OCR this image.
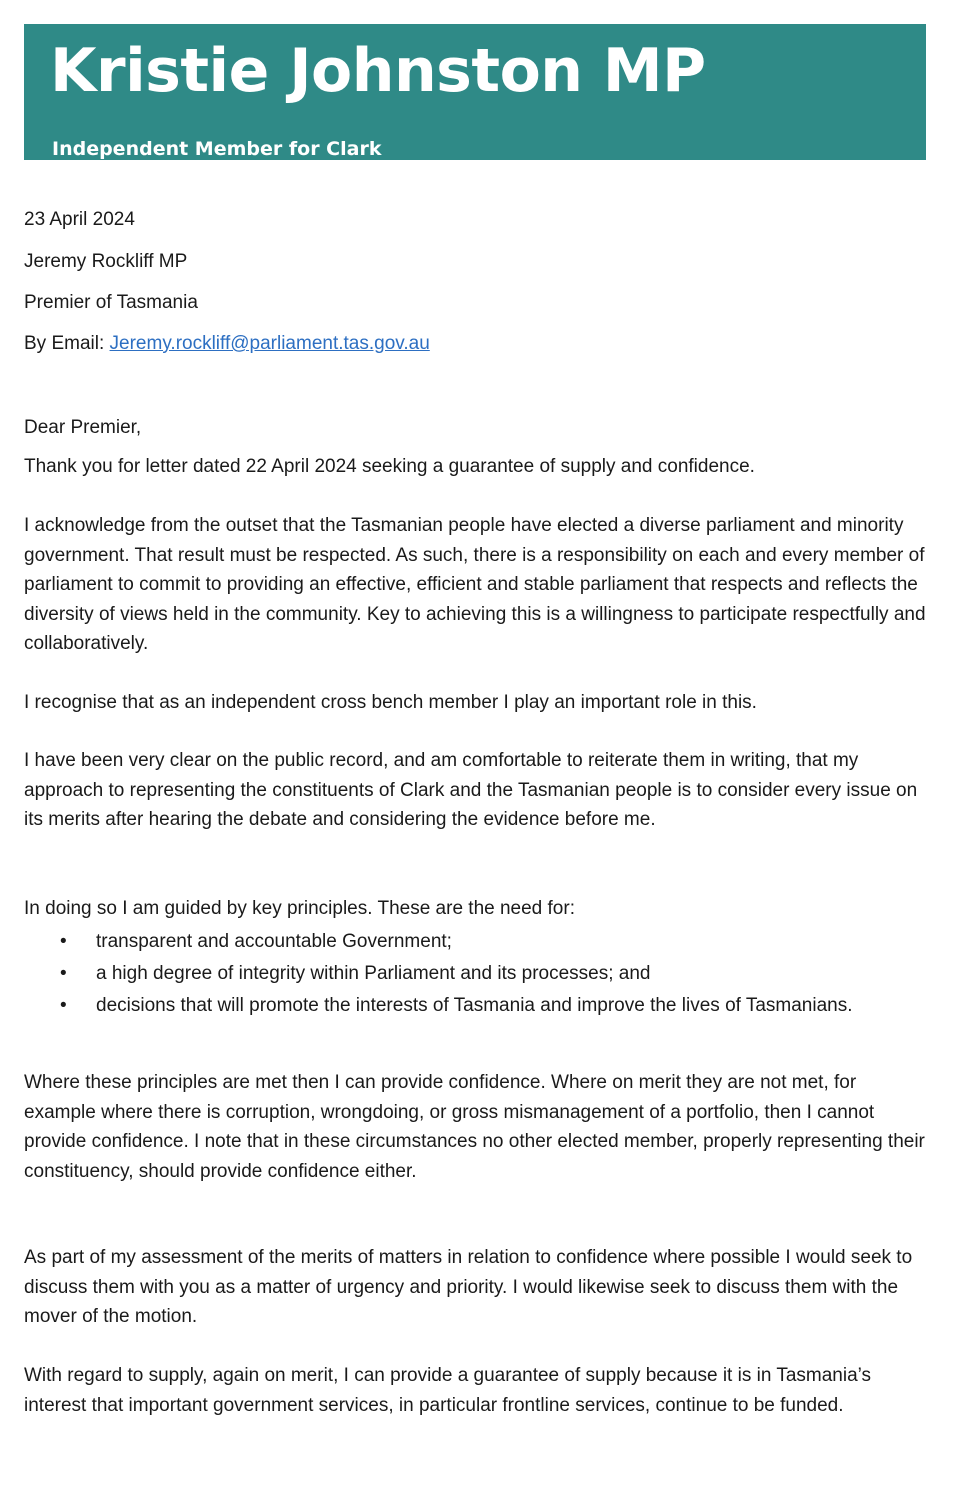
Kristie Johnston MP
Independent Member for Clark
23 April 2024
Jeremy Rockliff MP
Premier of Tasmania
By Email: Jeremy.rockliff@parliament.tas.gov.au
Dear Premier,
Thank you for letter dated 22 April 2024 seeking a guarantee of supply and confidence.

I acknowledge from the outset that the Tasmanian people have elected a diverse parliament and minority government. That result must be respected. As such, there is a responsibility on each and every member of parliament to commit to providing an effective, efficient and stable parliament that respects and reflects the diversity of views held in the community. Key to achieving this is a willingness to participate respectfully and collaboratively.

I recognise that as an independent cross bench member I play an important role in this.

I have been very clear on the public record, and am comfortable to reiterate them in writing, that my approach to representing the constituents of Clark and the Tasmanian people is to consider every issue on its merits after hearing the debate and considering the evidence before me.

In doing so I am guided by key principles. These are the need for:

• transparent and accountable Government;
• a high degree of integrity within Parliament and its processes; and
• decisions that will promote the interests of Tasmania and improve the lives of Tasmanians.

Where these principles are met then I can provide confidence. Where on merit they are not met, for example where there is corruption, wrongdoing, or gross mismanagement of a portfolio, then I cannot provide confidence. I note that in these circumstances no other elected member, properly representing their constituency, should provide confidence either.

As part of my assessment of the merits of matters in relation to confidence where possible I would seek to discuss them with you as a matter of urgency and priority. I would likewise seek to discuss them with the mover of the motion.

With regard to supply, again on merit, I can provide a guarantee of supply because it is in Tasmania’s interest that important government services, in particular frontline services, continue to be funded.
